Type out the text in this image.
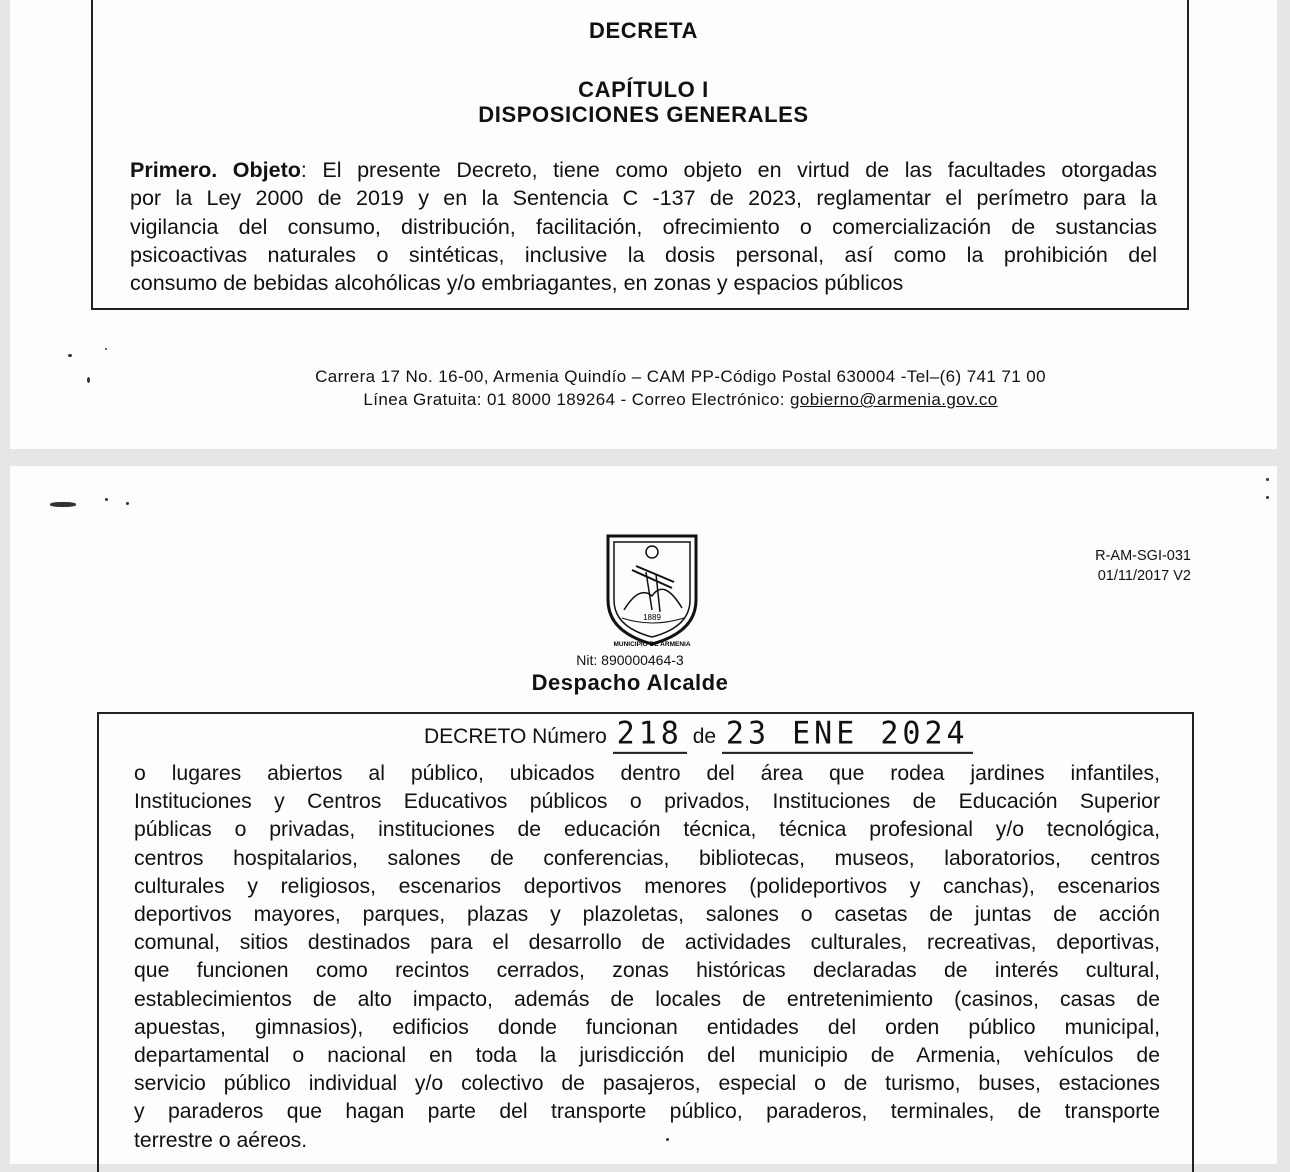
DECRETA
CAPÍTULO I
DISPOSICIONES GENERALES
Primero. Objeto: El presente Decreto, tiene como objeto en virtud de las facultades otorgadas
por la Ley 2000 de 2019 y en la Sentencia C -137 de 2023, reglamentar el perímetro para la
vigilancia del consumo, distribución, facilitación, ofrecimiento o comercialización de sustancias
psicoactivas naturales o sintéticas, inclusive la dosis personal, así como la prohibición del
consumo de bebidas alcohólicas y/o embriagantes, en zonas y espacios públicos
Carrera 17 No. 16-00, Armenia Quindío – CAM PP-Código Postal 630004 -Tel–(6) 741 71 00
Línea Gratuita: 01 8000 189264 - Correo Electrónico: gobierno@armenia.gov.co
1889
MUNICIPIO DE ARMENIA
R-AM-SGI-031
01/11/2017 V2
Nit: 890000464-3
Despacho Alcalde
DECRETO Número 218 de 23 ENE 2024
o lugares abiertos al público, ubicados dentro del área que rodea jardines infantiles,
Instituciones y Centros Educativos públicos o privados, Instituciones de Educación Superior
públicas o privadas, instituciones de educación técnica, técnica profesional y/o tecnológica,
centros hospitalarios, salones de conferencias, bibliotecas, museos, laboratorios, centros
culturales y religiosos, escenarios deportivos menores (polideportivos y canchas), escenarios
deportivos mayores, parques, plazas y plazoletas, salones o casetas de juntas de acción
comunal, sitios destinados para el desarrollo de actividades culturales, recreativas, deportivas,
que funcionen como recintos cerrados, zonas históricas declaradas de interés cultural,
establecimientos de alto impacto, además de locales de entretenimiento (casinos, casas de
apuestas, gimnasios), edificios donde funcionan entidades del orden público municipal,
departamental o nacional en toda la jurisdicción del municipio de Armenia, vehículos de
servicio público individual y/o colectivo de pasajeros, especial o de turismo, buses, estaciones
y paraderos que hagan parte del transporte público, paraderos, terminales, de transporte
terrestre o aéreos.
